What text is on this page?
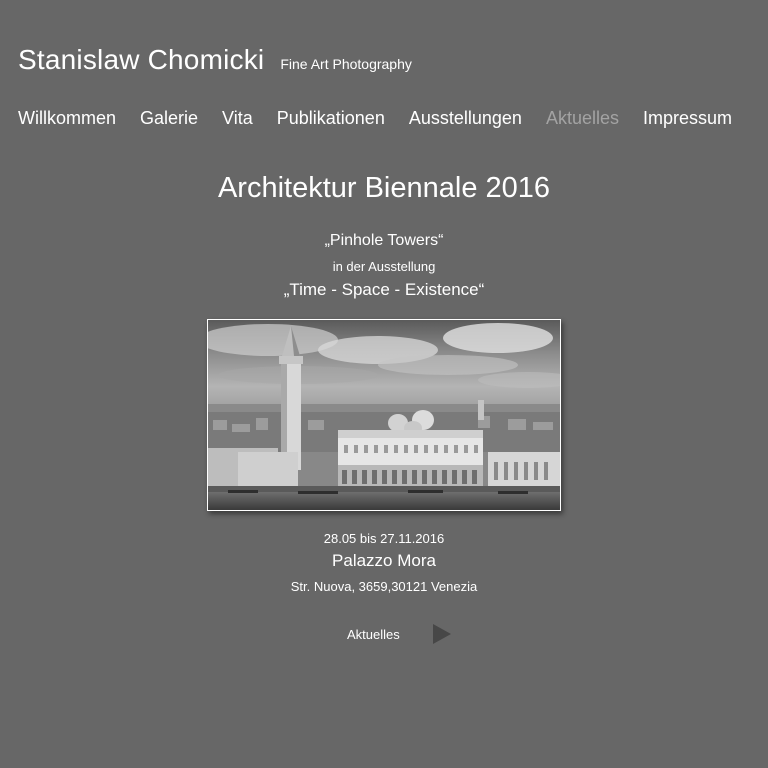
Stanislaw Chomicki Fine Art Photography
Willkommen Galerie Vita Publikationen Ausstellungen Aktuelles Impressum
Architektur Biennale 2016
„Pinhole Towers“
in der Ausstellung
„Time - Space - Existence“
28.05 bis 27.11.2016
Palazzo Mora
Str. Nuova, 3659,30121 Venezia
Aktuelles
